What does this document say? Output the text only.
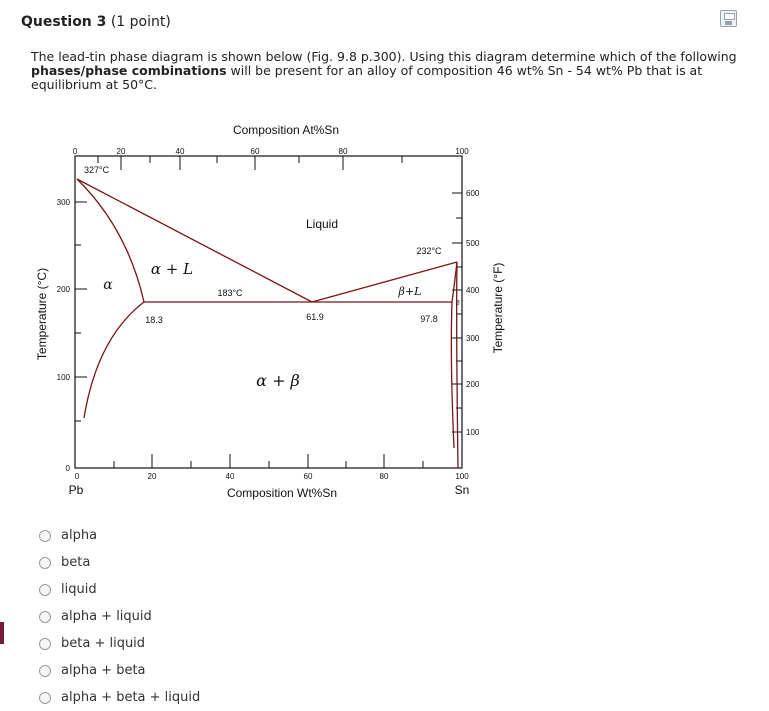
Question 3 (1 point)
The lead-tin phase diagram is shown below (Fig. 9.8 p.300). Using this diagram determine which of the following phases/phase combinations will be present for an alloy of composition 46 wt% Sn - 54 wt% Pb that is at equilibrium at 50°C.
Composition At%Sn
Composition Wt%Sn
Temperature (°C)	Temperature (°F)
0	20	40	60	80	100
0	20	40	60	80	100
0
100
200
300
100
200
300
400
500
600
Liquid
α
α + L
β+L
α + β
β
327°C
232°C
183°C
18.3	61.9	97.8
Pb	Sn
alpha
beta
liquid
alpha + liquid
beta + liquid
alpha + beta
alpha + beta + liquid
